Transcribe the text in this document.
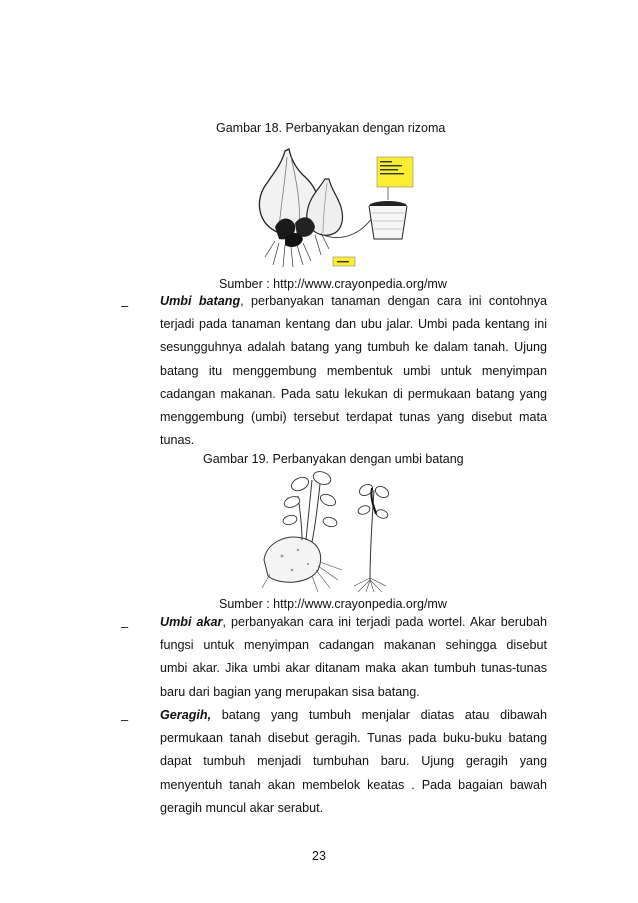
Gambar 18. Perbanyakan dengan rizoma
Sumber : http://www.crayonpedia.org/mw
–	Umbi batang, perbanyakan tanaman dengan cara ini contohnya
terjadi pada tanaman kentang dan ubu jalar. Umbi pada kentang ini
sesungguhnya adalah batang yang tumbuh ke dalam tanah. Ujung
batang itu menggembung membentuk umbi untuk menyimpan
cadangan makanan. Pada satu lekukan di permukaan batang yang
menggembung (umbi) tersebut terdapat tunas yang disebut mata
tunas.
Gambar 19. Perbanyakan dengan umbi batang
Sumber : http://www.crayonpedia.org/mw
–	Umbi akar, perbanyakan cara ini terjadi pada wortel. Akar berubah
fungsi untuk menyimpan cadangan makanan sehingga disebut
umbi akar. Jika umbi akar ditanam maka akan tumbuh tunas-tunas
baru dari bagian yang merupakan sisa batang.
–	Geragih, batang yang tumbuh menjalar diatas atau dibawah
permukaan tanah disebut geragih. Tunas pada buku-buku batang
dapat tumbuh menjadi tumbuhan baru. Ujung geragih yang
menyentuh tanah akan membelok keatas . Pada bagaian bawah
geragih muncul akar serabut.
23
